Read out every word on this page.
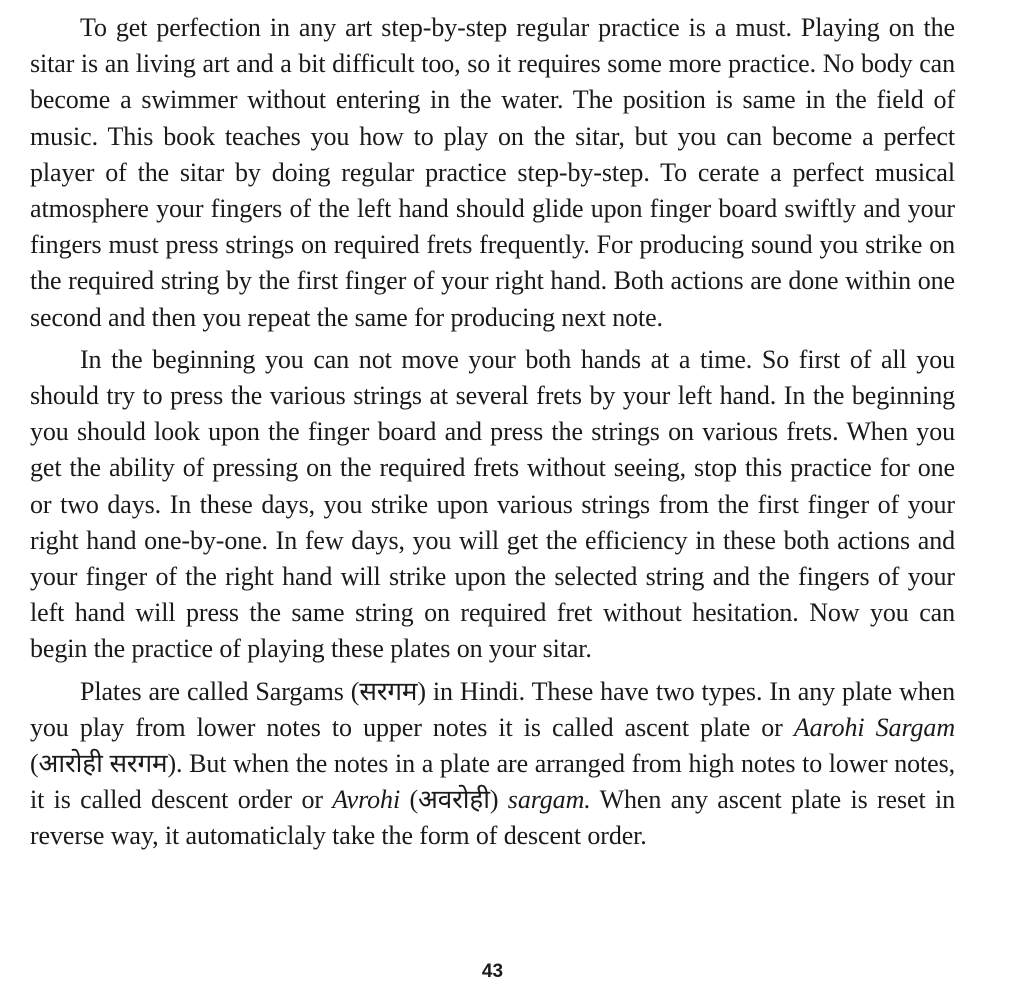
To get perfection in any art step-by-step regular practice is a must. Playing on the sitar is an living art and a bit difficult too, so it requires some more practice. No body can become a swimmer without entering in the water. The position is same in the field of music. This book teaches you how to play on the sitar, but you can become a perfect player of the sitar by doing regular practice step-by-step. To cerate a perfect musical atmosphere your fingers of the left hand should glide upon finger board swiftly and your fingers must press strings on required frets frequently. For producing sound you strike on the required string by the first finger of your right hand. Both actions are done within one second and then you repeat the same for producing next note.

In the beginning you can not move your both hands at a time. So first of all you should try to press the various strings at several frets by your left hand. In the beginning you should look upon the finger board and press the strings on various frets. When you get the ability of pressing on the required frets without seeing, stop this practice for one or two days. In these days, you strike upon various strings from the first finger of your right hand one-by-one. In few days, you will get the efficiency in these both actions and your finger of the right hand will strike upon the selected string and the fingers of your left hand will press the same string on required fret without hesitation. Now you can begin the practice of playing these plates on your sitar.

Plates are called Sargams (सरगम) in Hindi. These have two types. In any plate when you play from lower notes to upper notes it is called ascent plate or Aarohi Sargam (आरोही सरगम). But when the notes in a plate are arranged from high notes to lower notes, it is called descent order or Avrohi (अवरोही) sargam. When any ascent plate is reset in reverse way, it automaticlaly take the form of descent order.

43
